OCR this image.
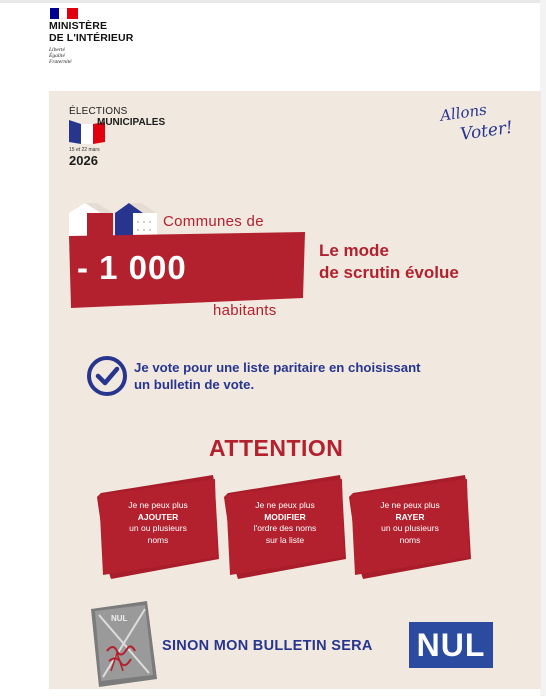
MINISTÈRE
DE L'INTÉRIEUR
Liberté
Égalité
Fraternité
ÉLECTIONS
MUNICIPALES
15 et 22 mars
2026
Allons
Voter!
Communes de
- 1 000
habitants
Le mode
de scrutin évolue
Je vote pour une liste paritaire en choisissant
un bulletin de vote.
ATTENTION
Je ne peux plus
AJOUTER
un ou plusieurs
noms
Je ne peux plus
MODIFIER
l'ordre des noms
sur la liste
Je ne peux plus
RAYER
un ou plusieurs
noms
NUL
SINON MON BULLETIN SERA NUL
